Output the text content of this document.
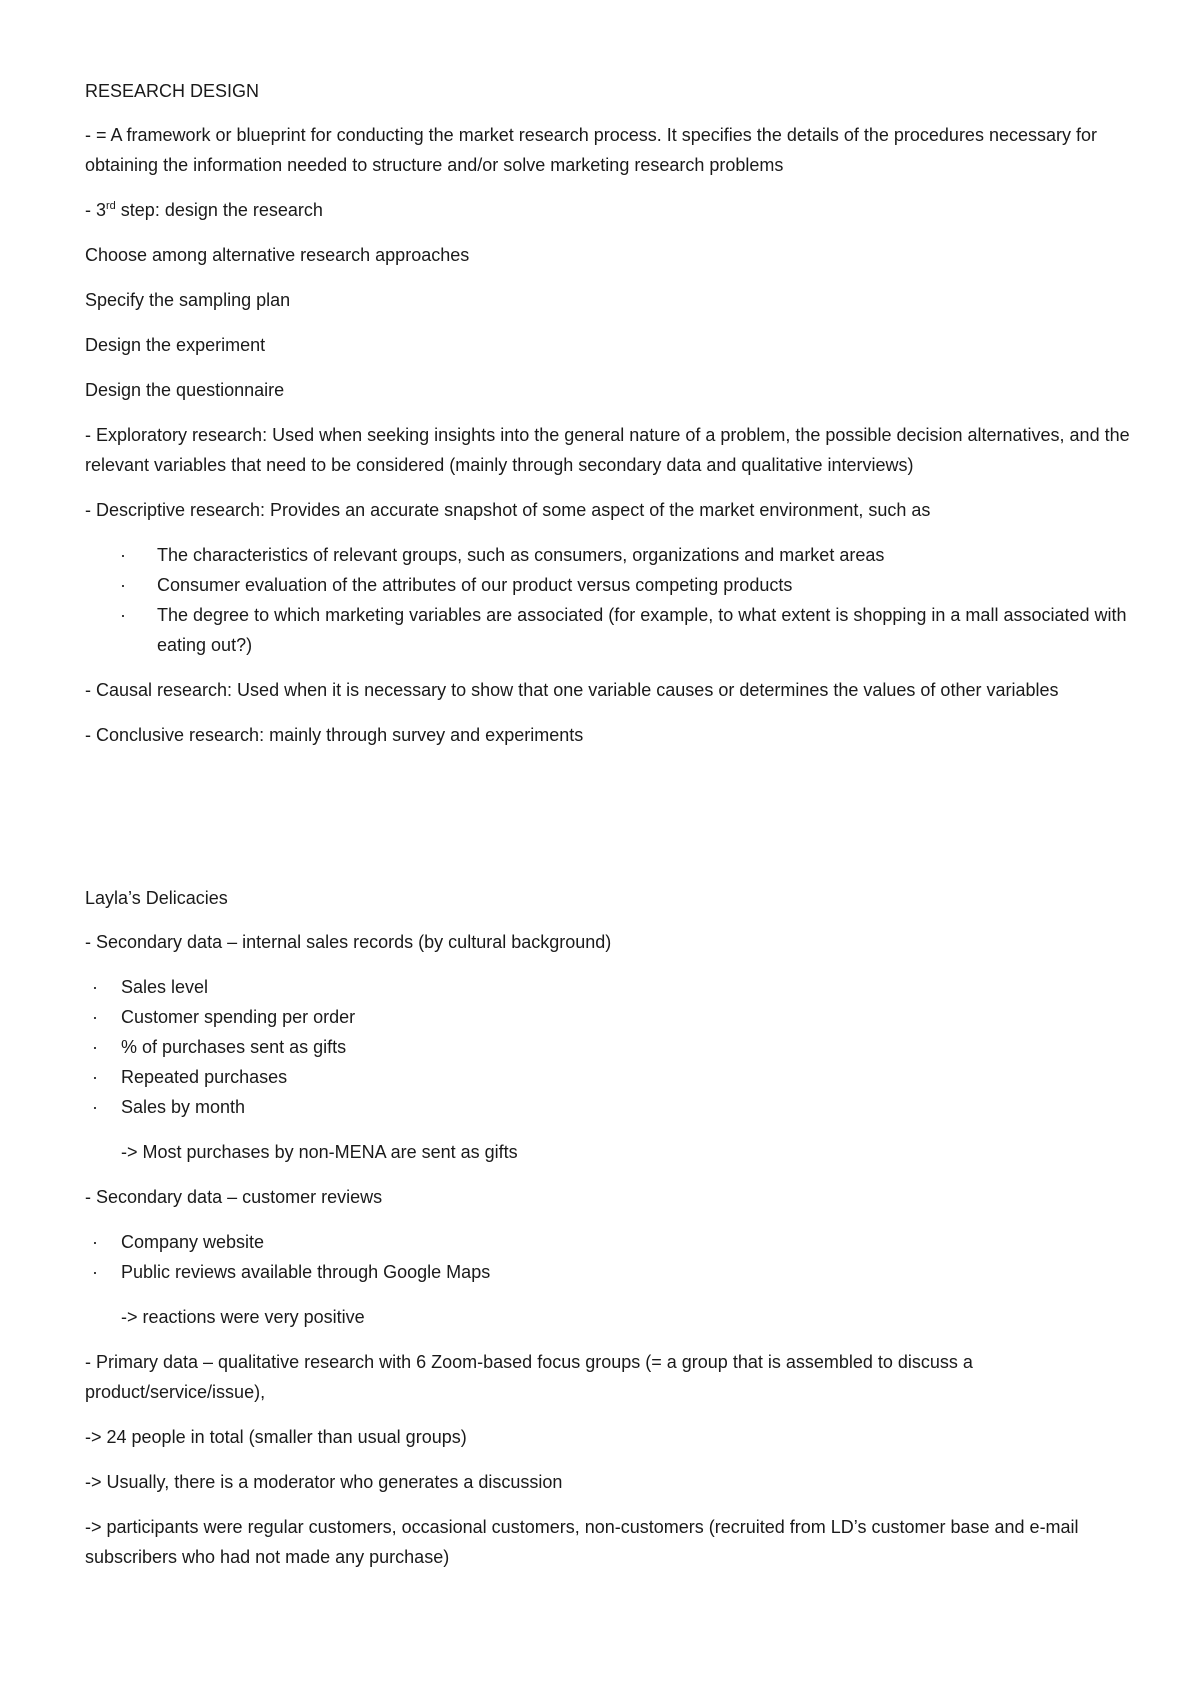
RESEARCH DESIGN

- = A framework or blueprint for conducting the market research process. It specifies the details of the procedures necessary for obtaining the information needed to structure and/or solve marketing research problems

- 3rd step: design the research

Choose among alternative research approaches

Specify the sampling plan

Design the experiment

Design the questionnaire

- Exploratory research: Used when seeking insights into the general nature of a problem, the possible decision alternatives, and the relevant variables that need to be considered (mainly through secondary data and qualitative interviews)

- Descriptive research: Provides an accurate snapshot of some aspect of the market environment, such as

·	The characteristics of relevant groups, such as consumers, organizations and market areas
·	Consumer evaluation of the attributes of our product versus competing products
·	The degree to which marketing variables are associated (for example, to what extent is shopping in a mall associated with eating out?)

- Causal research: Used when it is necessary to show that one variable causes or determines the values of other variables

- Conclusive research: mainly through survey and experiments

Layla’s Delicacies

- Secondary data – internal sales records (by cultural background)

·	Sales level
·	Customer spending per order
·	% of purchases sent as gifts
·	Repeated purchases
·	Sales by month

-> Most purchases by non-MENA are sent as gifts

- Secondary data – customer reviews

·	Company website
·	Public reviews available through Google Maps

-> reactions were very positive

- Primary data – qualitative research with 6 Zoom-based focus groups (= a group that is assembled to discuss a product/service/issue),

-> 24 people in total (smaller than usual groups)

-> Usually, there is a moderator who generates a discussion

-> participants were regular customers, occasional customers, non-customers (recruited from LD’s customer base and e-mail subscribers who had not made any purchase)
